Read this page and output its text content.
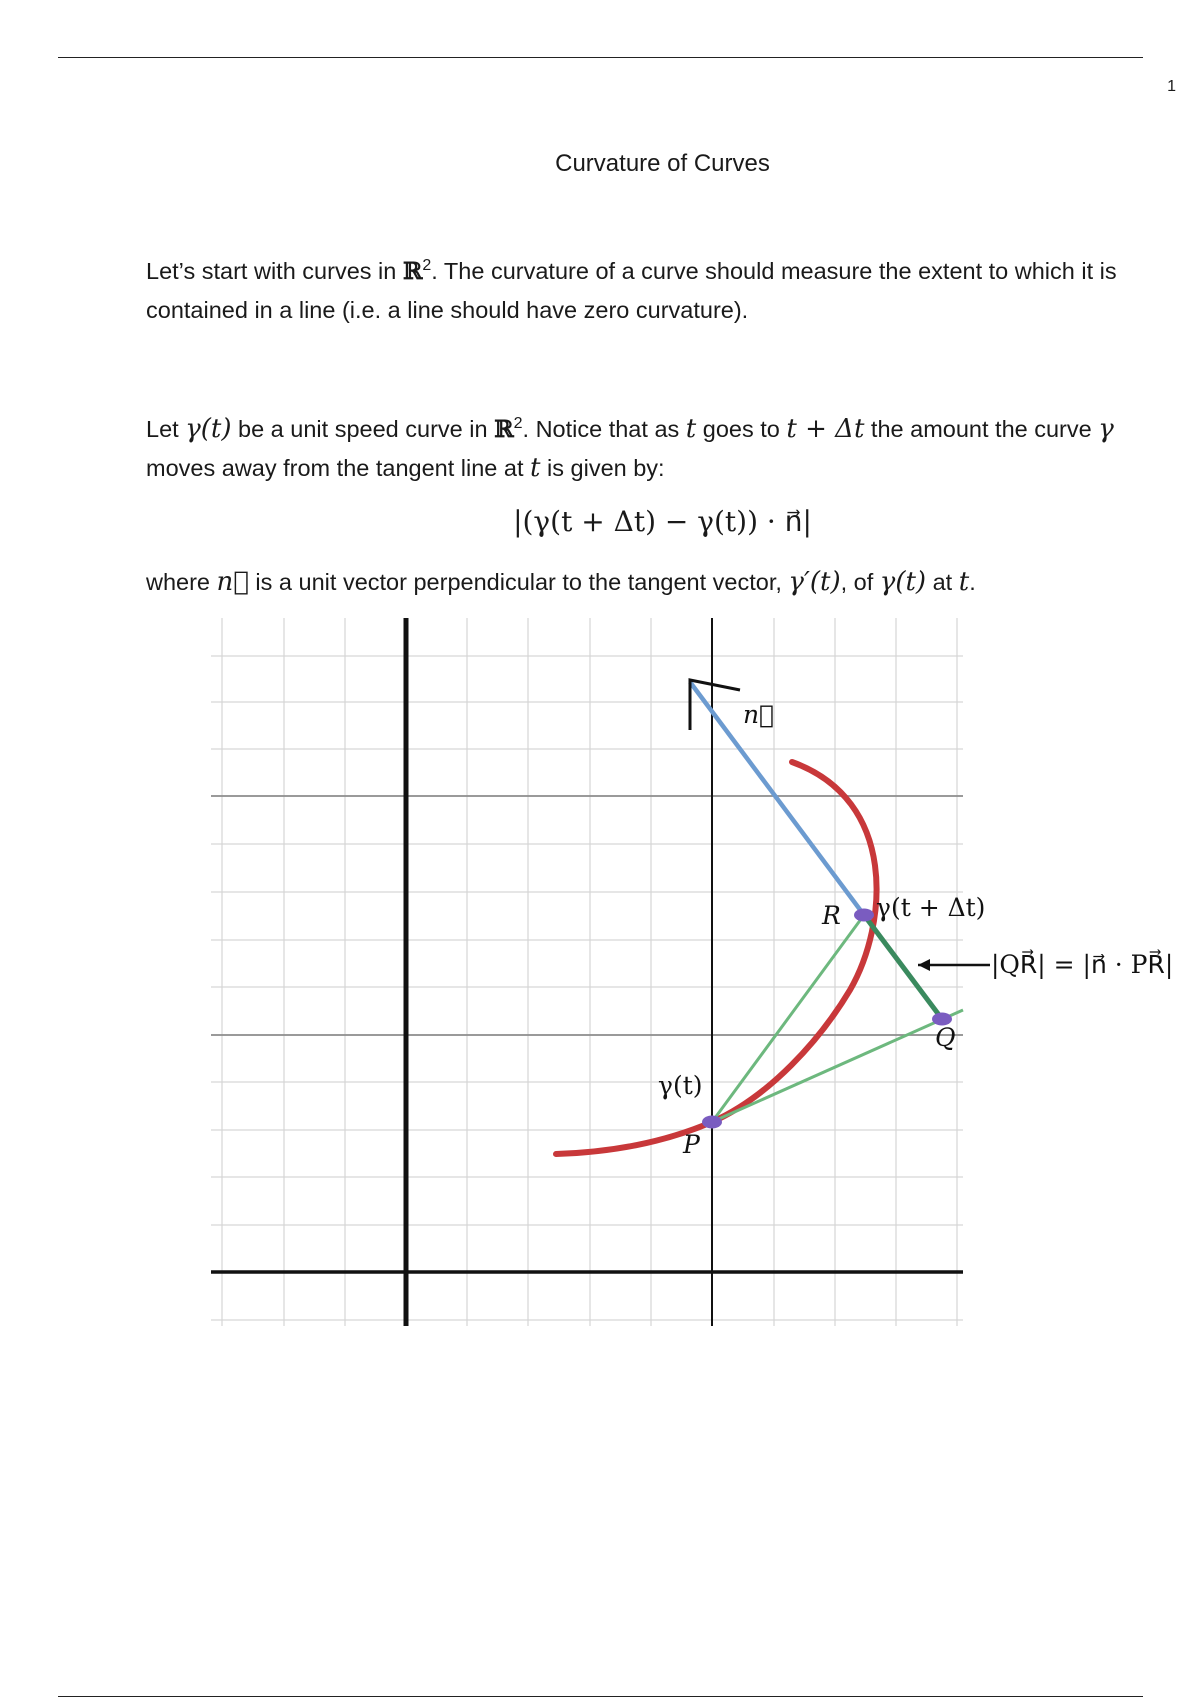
1
Curvature of Curves
Let’s start with curves in ℝ$^2$. The curvature of a curve should measure the extent to which it is contained in a line (i.e. a line should have zero curvature).
Let γ(t) be a unit speed curve in ℝ$^2$. Notice that as t goes to t + Δt the amount the curve γ moves away from the tangent line at t is given by:
|(γ(t + Δt) − γ(t)) · n⃗|
where n⃗ is a unit vector perpendicular to the tangent vector, γ′(t), of γ(t) at t.
n⃗
R γ(t + Δt)
|QR⃗| = |n⃗ · PR⃗|
Q
γ(t)
P
